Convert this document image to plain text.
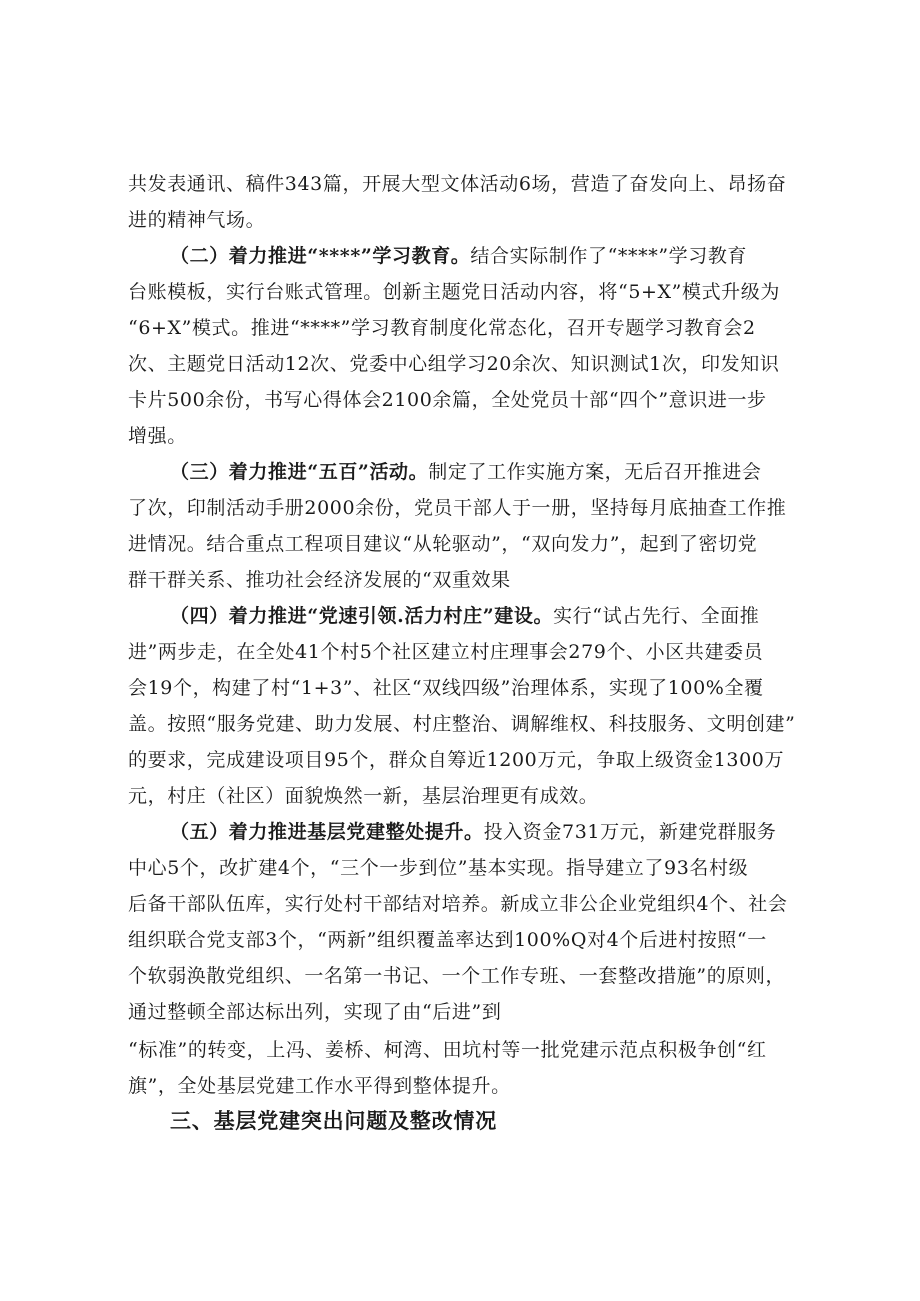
共发表通讯、稿件343篇，开展大型文体活动6场，营造了奋发向上、昂扬奋
进的精神气场。
（二）着力推进“****”学习教育。结合实际制作了“****”学习教育
台账模板，实行台账式管理。创新主题党日活动内容，将“5+X”模式升级为
“6+X”模式。推进“****”学习教育制度化常态化，召开专题学习教育会2
次、主题党日活动12次、党委中心组学习20余次、知识测试1次，印发知识
卡片500余份，书写心得体会2100余篇，全处党员十部“四个”意识进一步
增强。
（三）着力推进“五百”活动。制定了工作实施方案，无后召开推进会
了次，印制活动手册2000余份，党员干部人于一册，坚持每月底抽查工作推
进情况。结合重点工程项目建议“从轮驱动”，“双向发力”，起到了密切党
群干群关系、推功社会经济发展的“双重效果
（四）着力推进“党速引领.活力村庄”建设。实行“试占先行、全面推
进”两步走，在全处41个村5个社区建立村庄理事会279个、小区共建委员
会19个，构建了村“1+3”、社区“双线四级”治理体系，实现了100%全覆
盖。按照“服务党建、助力发展、村庄整治、调解维权、科技服务、文明创建”
的要求，完成建设项目95个，群众自筹近1200万元，争取上级资金1300万
元，村庄（社区）面貌焕然一新，基层治理更有成效。
（五）着力推进基层党建整处提升。投入资金731万元，新建党群服务
中心5个，改扩建4个，“三个一步到位”基本实现。指导建立了93名村级
后备干部队伍库，实行处村干部结对培养。新成立非公企业党组织4个、社会
组织联合党支部3个，“两新”组织覆盖率达到100%Q对4个后进村按照“一
个软弱涣散党组织、一名第一书记、一个工作专班、一套整改措施”的原则，
通过整顿全部达标出列，实现了由“后进”到
“标准”的转变，上冯、姜桥、柯湾、田坑村等一批党建示范点积极争创“红
旗”，全处基层党建工作水平得到整体提升。
三、基层党建突出问题及整改情况
